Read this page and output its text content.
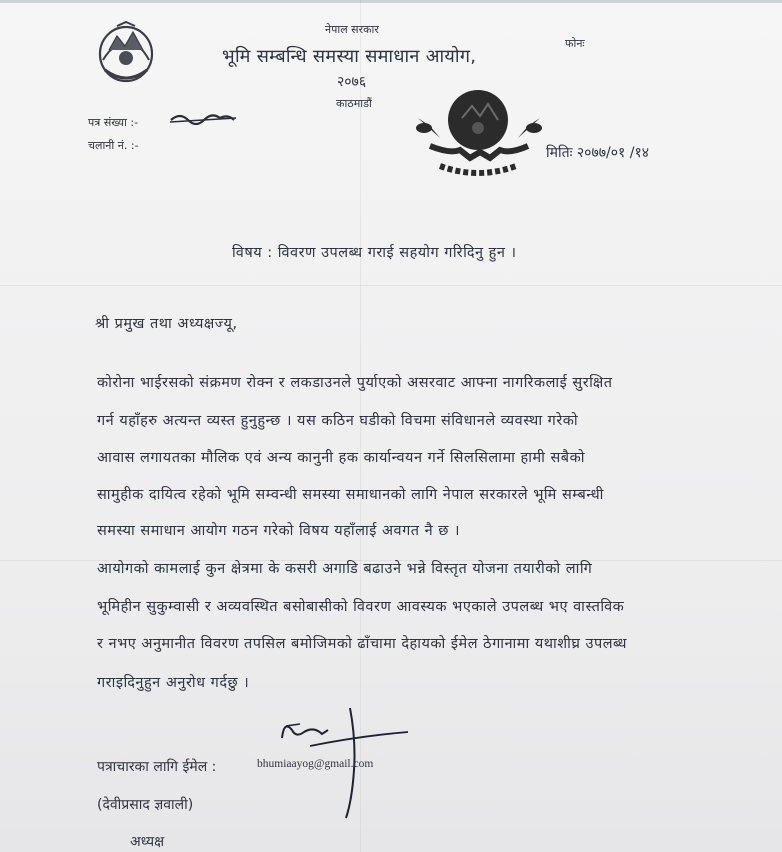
नेपाल सरकार
भूमि सम्बन्धि समस्या समाधान आयोग,
२०७६
काठमाडौं
फोनः
पत्र संख्या :-
चलानी नं. :-	मितिः २०७७/०१ /१४
विषय : विवरण उपलब्ध गराई सहयोग गरिदिनु हुन ।
श्री प्रमुख तथा अध्यक्षज्यू,
कोरोना भाईरसको संक्रमण रोक्न र लकडाउनले पुर्याएको असरवाट आफ्ना नागरिकलाई सुरक्षित
गर्न यहाँहरु अत्यन्त व्यस्त हुनुहुन्छ । यस कठिन घडीको विचमा संविधानले व्यवस्था गरेको
आवास लगायतका मौलिक एवं अन्य कानुनी हक कार्यान्वयन गर्ने सिलसिलामा हामी सबैको
सामुहीक दायित्व रहेको भूमि सम्वन्धी समस्या समाधानको लागि नेपाल सरकारले भूमि सम्बन्धी
समस्या समाधान आयोग गठन गरेको विषय यहाँलाई अवगत नै छ ।
आयोगको कामलाई कुन क्षेत्रमा के कसरी अगाडि बढाउने भन्ने विस्तृत योजना तयारीको लागि
भूमिहीन सुकुम्वासी र अव्यवस्थित बसोबासीको विवरण आवस्यक भएकाले उपलब्ध भए वास्तविक
र नभए अनुमानीत विवरण तपसिल बमोजिमको ढाँचामा देहायको ईमेल ठेगानामा यथाशीघ्र उपलब्ध
गराइदिनुहुन अनुरोध गर्दछु ।
पत्राचारका लागि ईमेल :	bhumiaayog@gmail.com
(देवीप्रसाद ज्ञवाली)
अध्यक्ष
